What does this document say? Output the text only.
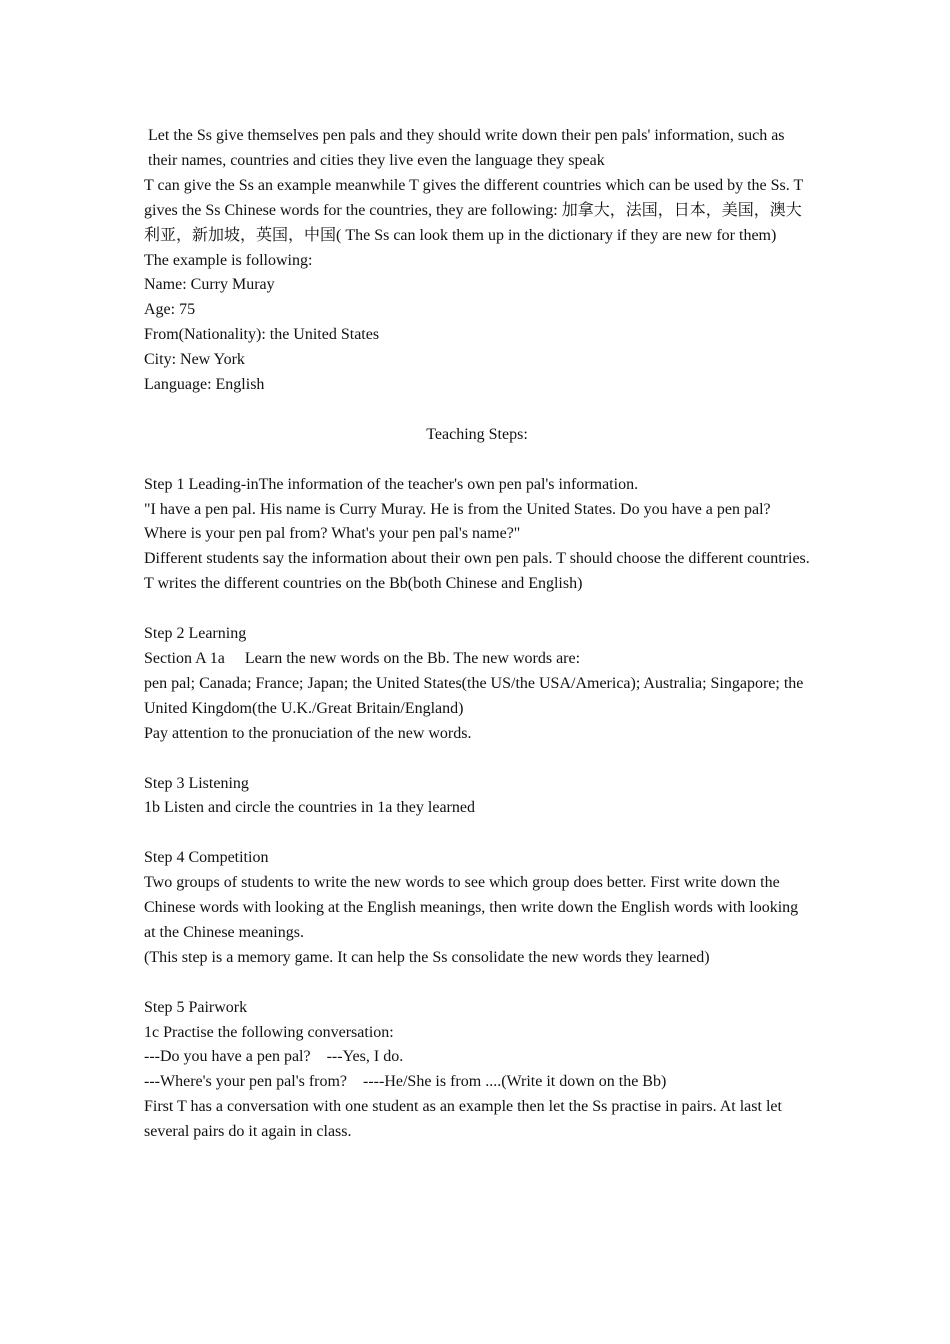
Let the Ss give themselves pen pals and they should write down their pen pals' information, such as their names, countries and cities they live even the language they speak

T can give the Ss an example meanwhile T gives the different countries which can be used by the Ss. T gives the Ss Chinese words for the countries, they are following: 加拿大，法国，日本，美国，澳大利亚，新加坡，英国，中国( The Ss can look them up in the dictionary if they are new for them)

The example is following:

Name: Curry Muray

Age: 75

From(Nationality): the United States

City: New York

Language: English

Teaching Steps:

Step 1 Leading-inThe information of the teacher's own pen pal's information.

"I have a pen pal. His name is Curry Muray. He is from the United States. Do you have a pen pal? Where is your pen pal from? What's your pen pal's name?"

Different students say the information about their own pen pals. T should choose the different countries. T writes the different countries on the Bb(both Chinese and English)

Step 2 Learning

Section A 1a     Learn the new words on the Bb. The new words are:

pen pal; Canada; France; Japan; the United States(the US/the USA/America); Australia; Singapore; the United Kingdom(the U.K./Great Britain/England)

Pay attention to the pronuciation of the new words.

Step 3 Listening

1b Listen and circle the countries in 1a they learned

Step 4 Competition

Two groups of students to write the new words to see which group does better. First write down the Chinese words with looking at the English meanings, then write down the English words with looking at the Chinese meanings.

(This step is a memory game. It can help the Ss consolidate the new words they learned)

Step 5 Pairwork

1c Practise the following conversation:

---Do you have a pen pal?    ---Yes, I do.

---Where's your pen pal's from?    ----He/She is from ....(Write it down on the Bb)

First T has a conversation with one student as an example then let the Ss practise in pairs. At last let several pairs do it again in class.
